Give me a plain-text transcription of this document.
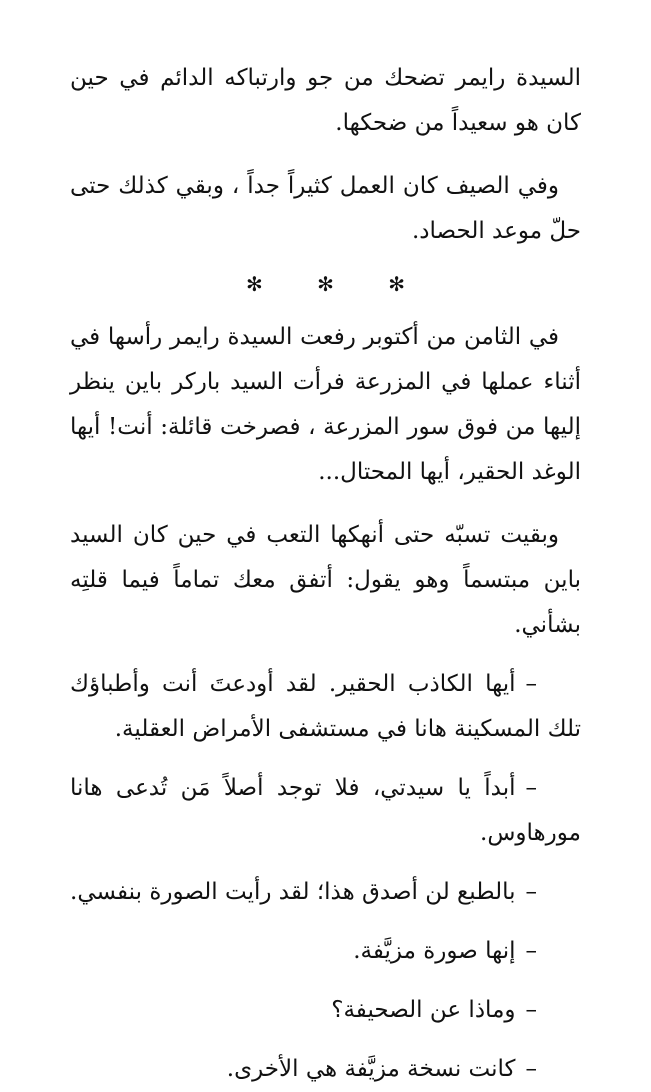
السيدة رايمر تضحك من جو وارتباكه الدائم في حين كان هو سعيداً من ضحكها.

وفي الصيف كان العمل كثيراً جداً ، وبقي كذلك حتى حلّ موعد الحصاد.

✻ ✻ ✻

في الثامن من أكتوبر رفعت السيدة رايمر رأسها في أثناء عملها في المزرعة فرأت السيد باركر باين ينظر إليها من فوق سور المزرعة ، فصرخت قائلة: أنت! أيها الوغد الحقير، أيها المحتال...

وبقيت تسبّه حتى أنهكها التعب في حين كان السيد باين مبتسماً وهو يقول: أتفق معك تماماً فيما قلتِه بشأني.

–أيها الكاذب الحقير. لقد أودعتَ أنت وأطباؤك تلك المسكينة هانا في مستشفى الأمراض العقلية.

–أبداً يا سيدتي، فلا توجد أصلاً مَن تُدعى هانا مورهاوس.

–بالطبع لن أصدق هذا؛ لقد رأيت الصورة بنفسي.

–إنها صورة مزيَّفة.

–وماذا عن الصحيفة؟

–كانت نسخة مزيَّفة هي الأخرى.
